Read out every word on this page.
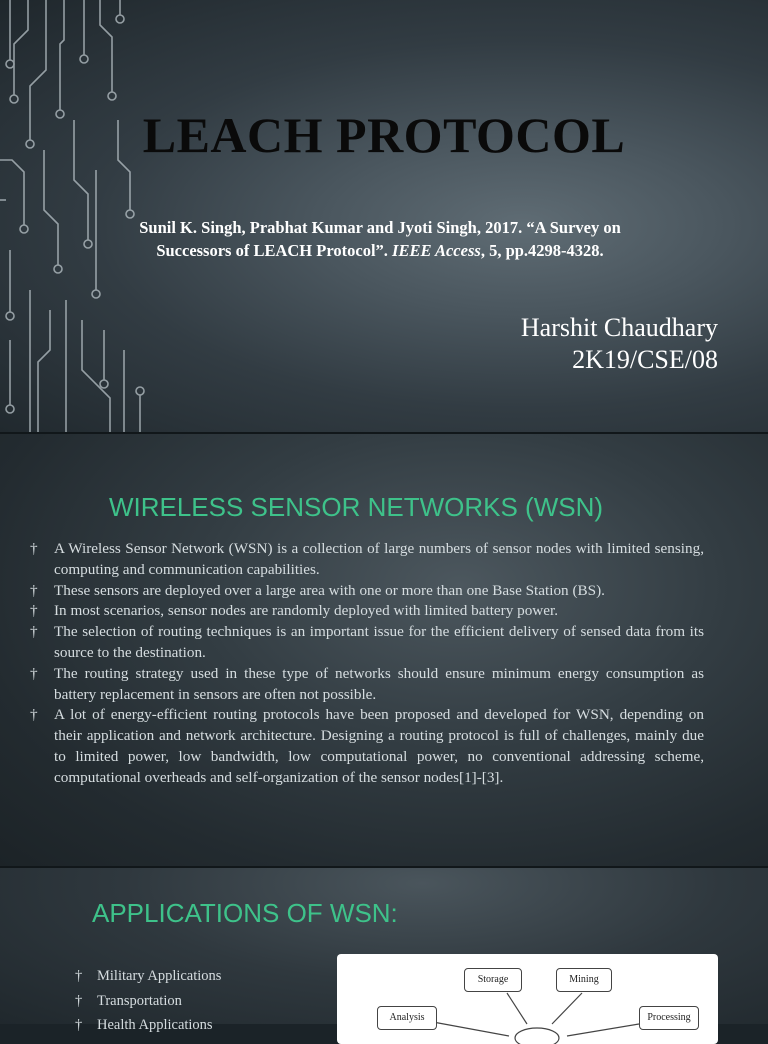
LEACH PROTOCOL

Sunil K. Singh, Prabhat Kumar and Jyoti Singh, 2017. “A Survey on Successors of LEACH Protocol”. IEEE Access, 5, pp.4298-4328.

Harshit Chaudhary
2K19/CSE/08
WIRELESS SENSOR NETWORKS (WSN)
† A Wireless Sensor Network (WSN) is a collection of large numbers of sensor nodes with limited sensing, computing and communication capabilities.
† These sensors are deployed over a large area with one or more than one Base Station (BS).
† In most scenarios, sensor nodes are randomly deployed with limited battery power.
† The selection of routing techniques is an important issue for the efficient delivery of sensed data from its source to the destination.
† The routing strategy used in these type of networks should ensure minimum energy consumption as battery replacement in sensors are often not possible.
† A lot of energy-efficient routing protocols have been proposed and developed for WSN, depending on their application and network architecture. Designing a routing protocol is full of challenges, mainly due to limited power, low bandwidth, low computational power, no conventional addressing scheme, computational overheads and self-organization of the sensor nodes[1]-[3].
APPLICATIONS OF WSN:
† Military Applications
† Transportation
† Health Applications
Storage	Mining
Analysis	Processing
